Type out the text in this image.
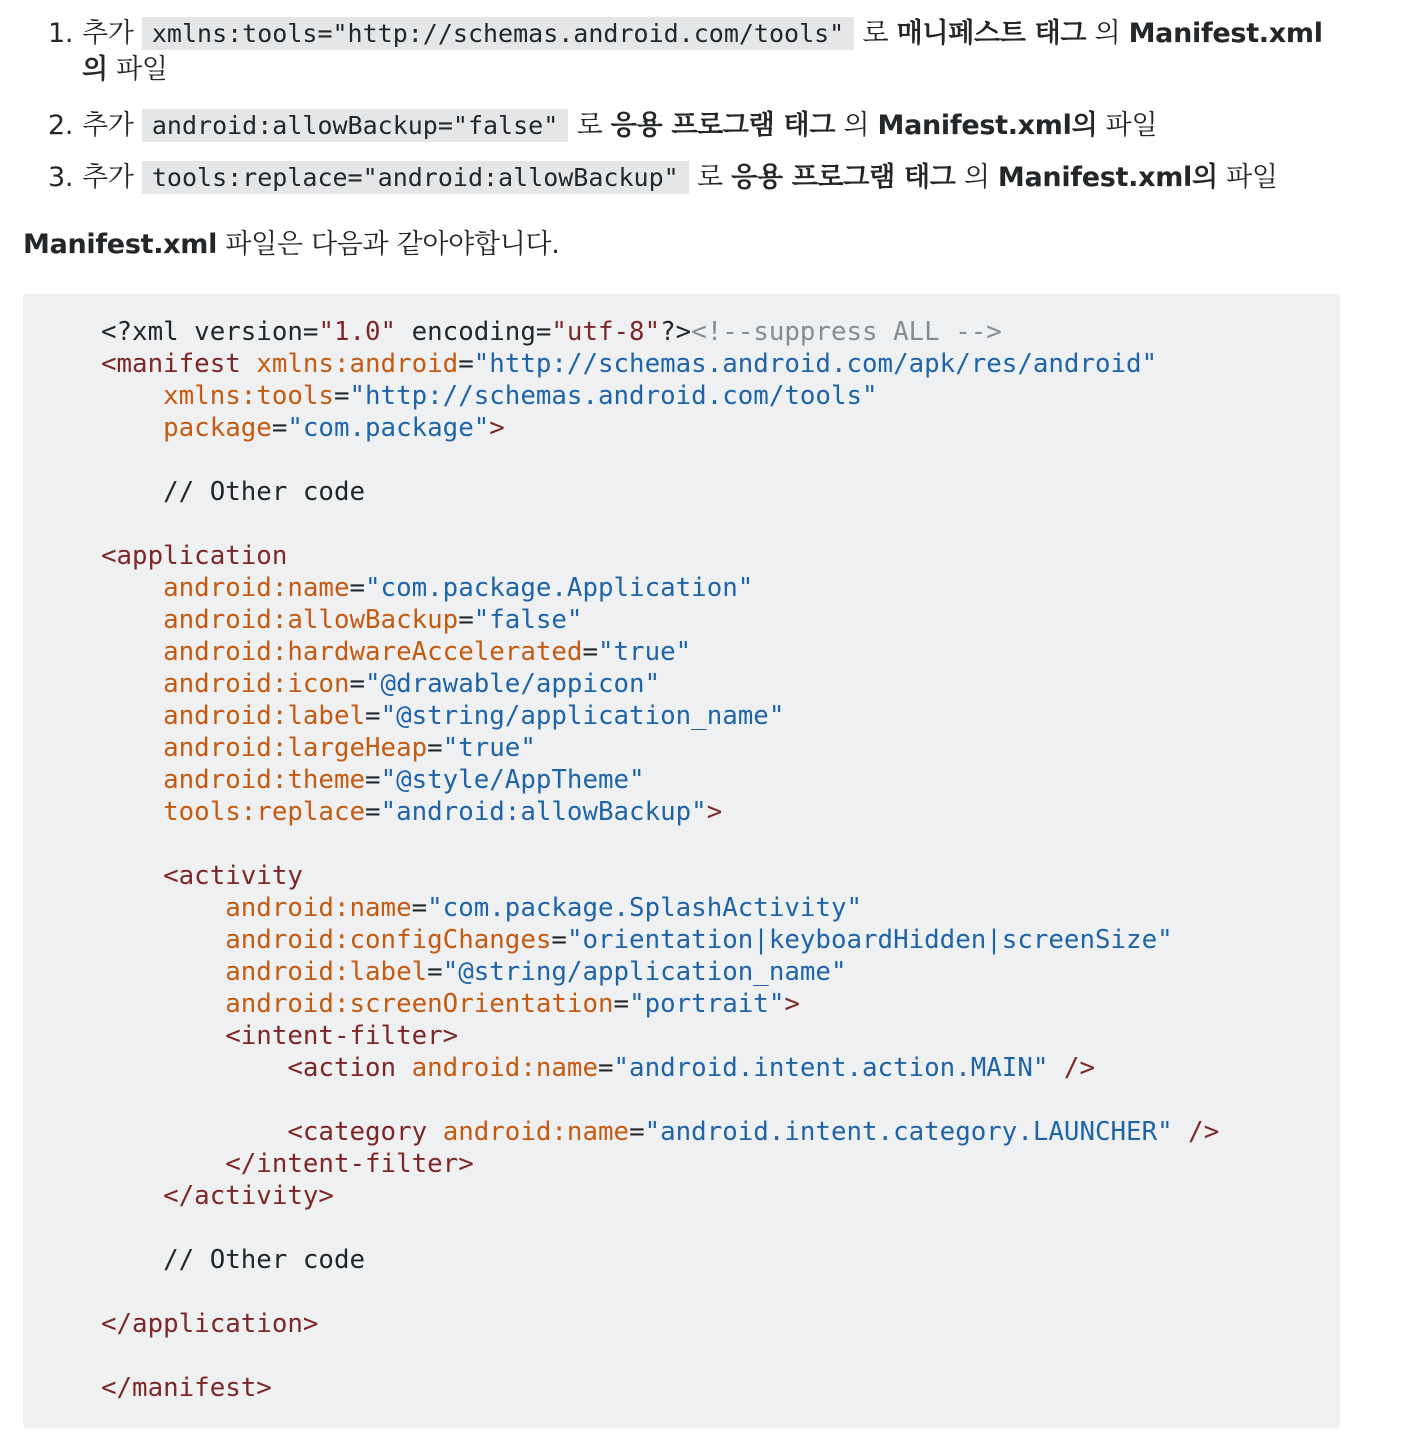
1. 추가 xmlns:tools="http://schemas.android.com/tools" 로 매니페스트 태그 의 Manifest.xml
의 파일
2. 추가 android:allowBackup="false" 로 응용 프로그램 태그 의 Manifest.xml의 파일
3. 추가 tools:replace="android:allowBackup" 로 응용 프로그램 태그 의 Manifest.xml의 파일

Manifest.xml 파일은 다음과 같아야합니다.

<?xml version="1.0" encoding="utf-8"?><!--suppress ALL -->
<manifest xmlns:android="http://schemas.android.com/apk/res/android"
xmlns:tools="http://schemas.android.com/tools"
package="com.package">

// Other code

<application
android:name="com.package.Application"
android:allowBackup="false"
android:hardwareAccelerated="true"
android:icon="@drawable/appicon"
android:label="@string/application_name"
android:largeHeap="true"
android:theme="@style/AppTheme"
tools:replace="android:allowBackup">

<activity
android:name="com.package.SplashActivity"
android:configChanges="orientation|keyboardHidden|screenSize"
android:label="@string/application_name"
android:screenOrientation="portrait">
<intent-filter>
<action android:name="android.intent.action.MAIN" />

<category android:name="android.intent.category.LAUNCHER" />
</intent-filter>
</activity>

// Other code

</application>

</manifest>
